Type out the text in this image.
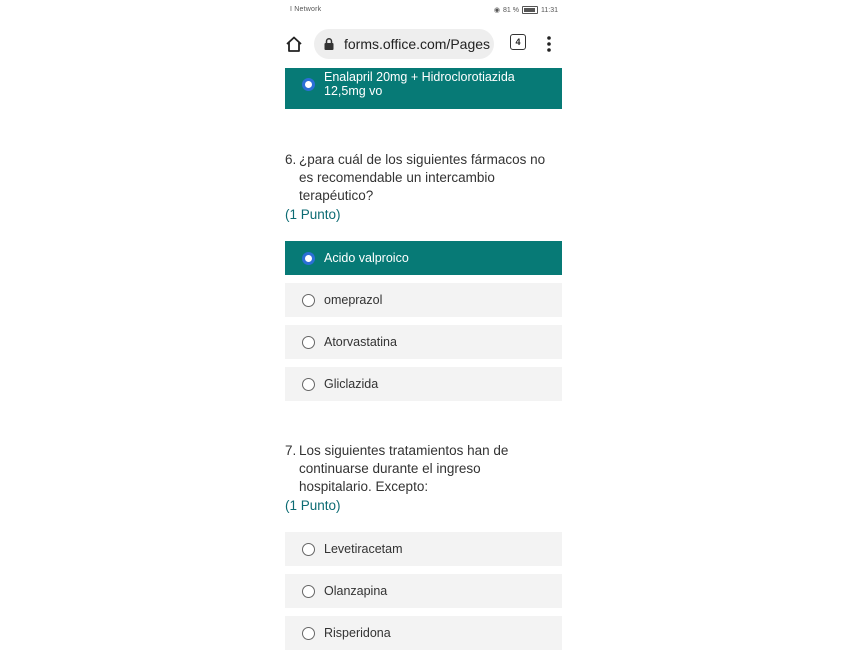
I Network	◉ 81 %	11:31
forms.office.com/Pages	4
Enalapril 20mg + Hidroclorotiazida 12,5mg vo
6. ¿para cuál de los siguientes fármacos no es recomendable un intercambio terapéutico?
(1 Punto)
Acido valproico
omeprazol
Atorvastatina
Gliclazida
7. Los siguientes tratamientos han de continuarse durante el ingreso hospitalario. Excepto:
(1 Punto)
Levetiracetam
Olanzapina
Risperidona
